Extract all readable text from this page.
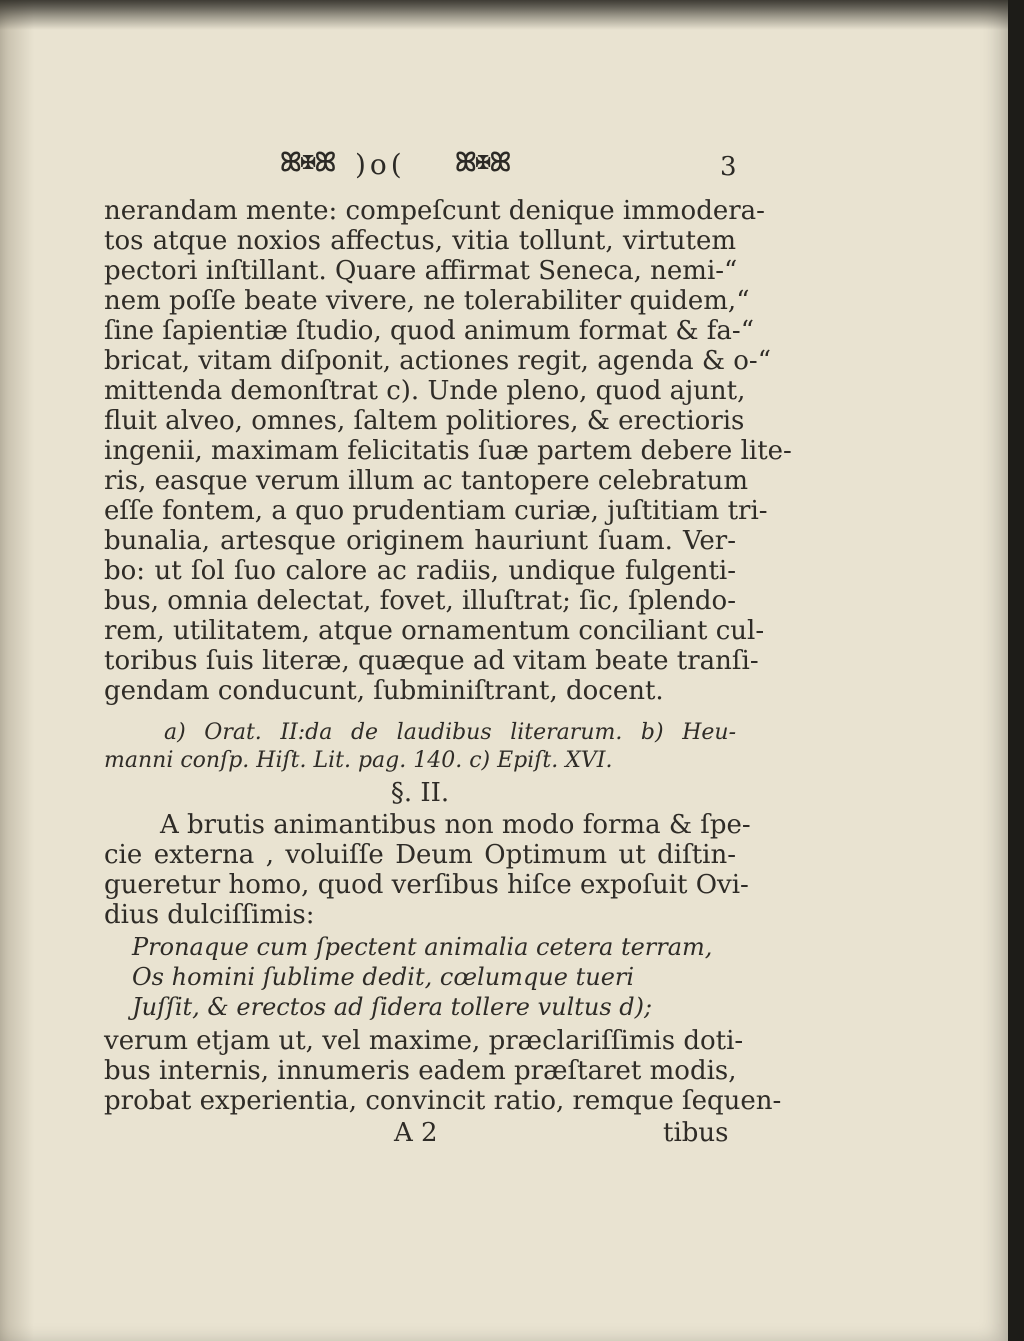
ꕤ✠ꕤ )o( ꕤ✠ꕤ	3
nerandam mente: compeſcunt denique immodera-
tos atque noxios affectus, vitia tollunt, virtutem
pectori inſtillant. Quare affirmat Seneca, nemi-“
nem poſſe beate vivere, ne tolerabiliter quidem,“
ſine ſapientiæ ſtudio, quod animum format & fa-“
bricat, vitam diſponit, actiones regit, agenda & o-“
mittenda demonſtrat c). Unde pleno, quod ajunt,
fluit alveo, omnes, ſaltem politiores, & erectioris
ingenii, maximam felicitatis ſuæ partem debere lite-
ris, easque verum illum ac tantopere celebratum
eſſe fontem, a quo prudentiam curiæ, juſtitiam tri-
bunalia, artesque originem hauriunt ſuam. Ver-
bo: ut ſol ſuo calore ac radiis, undique fulgenti-
bus, omnia delectat, fovet, illuſtrat; ſic, ſplendo-
rem, utilitatem, atque ornamentum conciliant cul-
toribus ſuis literæ, quæque ad vitam beate tranſi-
gendam conducunt, ſubminiſtrant, docent.
a) Orat. II:da de laudibus literarum. b) Heu-
manni conſp. Hiſt. Lit. pag. 140. c) Epiſt. XVI.
§. II.
A brutis animantibus non modo forma & ſpe-
cie externa , voluiſſe Deum Optimum ut diſtin-
gueretur homo, quod verſibus hiſce expoſuit Ovi-
dius dulciſſimis:
Pronaque cum ſpectent animalia cetera terram,
Os homini ſublime dedit, cœlumque tueri
Juſſit, & erectos ad ſidera tollere vultus d);
verum etjam ut, vel maxime, præclariſſimis doti-
bus internis, innumeris eadem præſtaret modis,
probat experientia, convincit ratio, remque ſequen-
A 2	tibus
